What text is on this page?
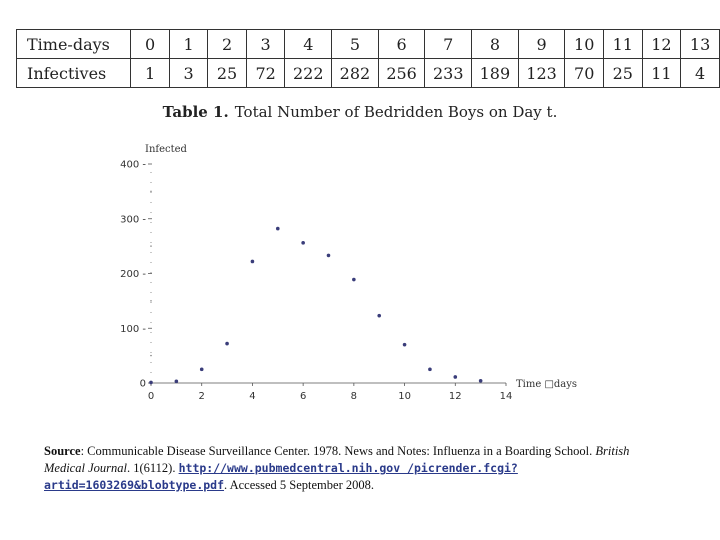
Time-days	0	1	2	3	4	5	6	7	8	9	10	11	12	13
Infectives	1	3	25	72	222	282	256	233	189	123	70	25	11	4
Table 1. Total Number of Bedridden Boys on Day t.
0
100 -
200 -
300 -
400 -
0	2	4	6	8	10	12	14
Infected
Time □days
Source: Communicable Disease Surveillance Center. 1978. News and Notes: Influenza in a Boarding School. British Medical Journal. 1(6112). http://www.pubmedcentral.nih.gov /picrender.fcgi?artid=1603269&blobtype.pdf. Accessed 5 September 2008.
